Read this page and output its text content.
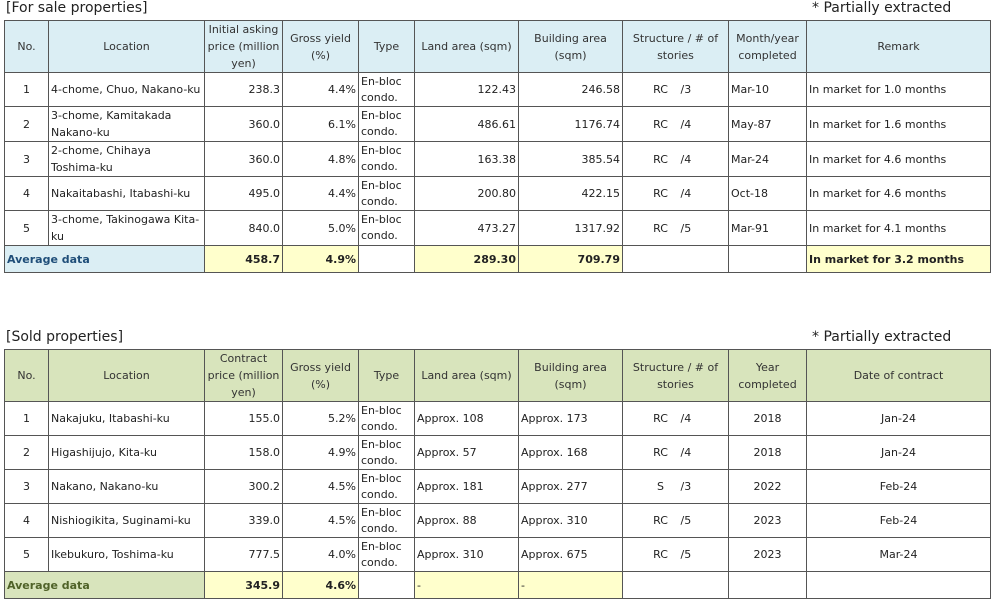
[For sale properties]	* Partially extracted
No.	Location	Initial asking price (million yen)	Gross yield (%)	Type	Land area (sqm)	Building area (sqm)	Structure / # of stories	Month/year completed	Remark
1	4-chome, Chuo, Nakano-ku	238.3	4.4%	En-bloc condo.	122.43	246.58	RC /3	Mar-10	In market for 1.0 months
2	3-chome, Kamitakada Nakano-ku	360.0	6.1%	En-bloc condo.	486.61	1176.74	RC /4	May-87	In market for 1.6 months
3	2-chome, Chihaya Toshima-ku	360.0	4.8%	En-bloc condo.	163.38	385.54	RC /4	Mar-24	In market for 4.6 months
4	Nakaitabashi, Itabashi-ku	495.0	4.4%	En-bloc condo.	200.80	422.15	RC /4	Oct-18	In market for 4.6 months
5	3-chome, Takinogawa Kita-ku	840.0	5.0%	En-bloc condo.	473.27	1317.92	RC /5	Mar-91	In market for 4.1 months
Average data		458.7	4.9%		289.30	709.79			In market for 3.2 months
[Sold properties]	* Partially extracted
No.	Location	Contract price (million yen)	Gross yield (%)	Type	Land area (sqm)	Building area (sqm)	Structure / # of stories	Year completed	Date of contract
1	Nakajuku, Itabashi-ku	155.0	5.2%	En-bloc condo.	Approx. 108	Approx. 173	RC /4	2018	Jan-24
2	Higashijujo, Kita-ku	158.0	4.9%	En-bloc condo.	Approx. 57	Approx. 168	RC /4	2018	Jan-24
3	Nakano, Nakano-ku	300.2	4.5%	En-bloc condo.	Approx. 181	Approx. 277	S /3	2022	Feb-24
4	Nishiogikita, Suginami-ku	339.0	4.5%	En-bloc condo.	Approx. 88	Approx. 310	RC /5	2023	Feb-24
5	Ikebukuro, Toshima-ku	777.5	4.0%	En-bloc condo.	Approx. 310	Approx. 675	RC /5	2023	Mar-24
Average data		345.9	4.6%		-	-			
